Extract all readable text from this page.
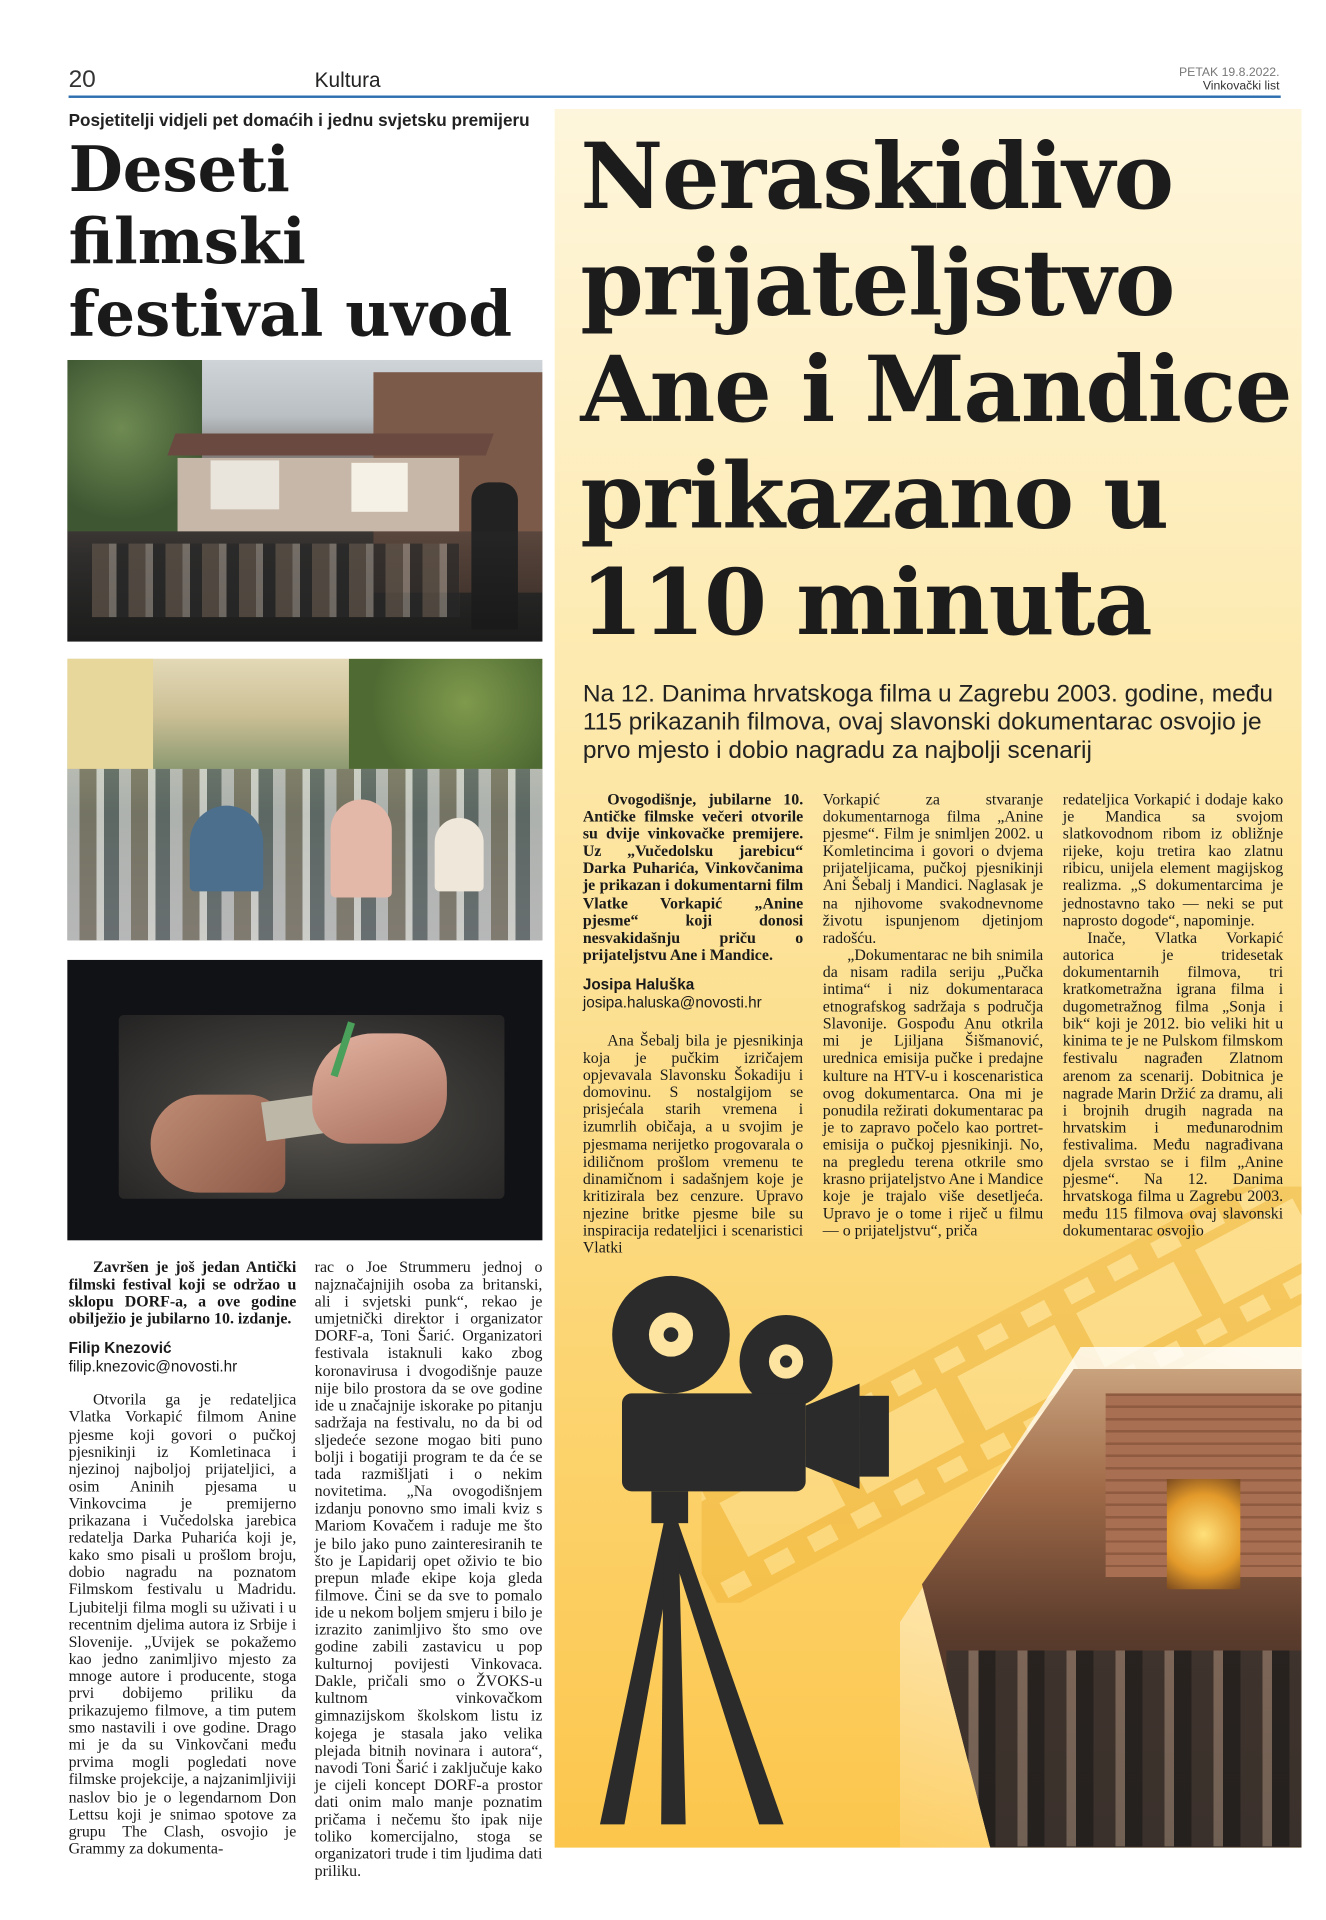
20	Kultura	PETAK 19.8.2022.
Vinkovački list
Posjetitelji vidjeli pet domaćih i jednu svjetsku premijeru
Deseti filmski
festival uvod

Završen je još jedan Antički filmski festival koji se održao u sklopu DORF-a, a ove godine obilježio je jubilarno 10. izdanje.

Filip Knezović
filip.knezovic@novosti.hr

Otvorila ga je redateljica Vlatka Vorkapić filmom Anine pjesme koji govori o pučkoj pjesnikinji iz Komletinaca i njezinoj najboljoj prijateljici, a osim Aninih pjesama u Vinkovcima je premijerno prikazana i Vučedolska jarebica redatelja Darka Puharića koji je, kako smo pisali u prošlom broju, dobio nagradu na poznatom Filmskom festivalu u Madridu. Ljubitelji filma mogli su uživati i u recentnim djelima autora iz Srbije i Slovenije. „Uvijek se pokažemo kao jedno zanimljivo mjesto za mnoge autore i producente, stoga prvi dobijemo priliku da prikazujemo filmove, a tim putem smo nastavili i ove godine. Drago mi je da su Vinkovčani među prvima mogli pogledati nove filmske projekcije, a najzanimljiviji naslov bio je o legendarnom Don Lettsu koji je snimao spotove za grupu The Clash, osvojio je Grammy za dokumenta-

rac o Joe Strummeru jednoj o najznačajnijih osoba za britanski, ali i svjetski punk“, rekao je umjetnički direktor i organizator DORF-a, Toni Šarić. Organizatori festivala istaknuli kako zbog koronavirusa i dvogodišnje pauze nije bilo prostora da se ove godine ide u značajnije iskorake po pitanju sadržaja na festivalu, no da bi od sljedeće sezone mogao biti puno bolji i bogatiji program te da će se tada razmišljati i o nekim novitetima. „Na ovogodišnjem izdanju ponovno smo imali kviz s Mariom Kovačem i raduje me što je bilo jako puno zainteresiranih te što je Lapidarij opet oživio te bio prepun mlađe ekipe koja gleda filmove. Čini se da sve to pomalo ide u nekom boljem smjeru i bilo je izrazito zanimljivo što smo ove godine zabili zastavicu u pop kulturnoj povijesti Vinkovaca. Dakle, pričali smo o ŽVOKS-u kultnom vinkovačkom gimnazijskom školskom listu iz kojega je stasala jako velika plejada bitnih novinara i autora“, navodi Toni Šarić i zaključuje kako je cijeli koncept DORF-a prostor dati onim malo manje poznatim pričama i nečemu što ipak nije toliko komercijalno, stoga se organizatori trude i tim ljudima dati priliku.

Neraskidivo
prijateljstvo
Ane i Mandice
prikazano u
110 minuta
Na 12. Danima hrvatskoga filma u Zagrebu 2003. godine, među 115 prikazanih filmova, ovaj slavonski dokumentarac osvojio je prvo mjesto i dobio nagradu za najbolji scenarij

Ovogodišnje, jubilarne 10. Antičke filmske večeri otvorile su dvije vinkovačke premijere. Uz „Vučedolsku jarebicu“ Darka Puharića, Vinkovčanima je prikazan i dokumentarni film Vlatke Vorkapić „Anine pjesme“ koji donosi nesvakidašnju priču o prijateljstvu Ane i Mandice.

Josipa Haluška
josipa.haluska@novosti.hr

Ana Šebalj bila je pjesnikinja koja je pučkim izričajem opjevavala Slavonsku Šokadiju i domovinu. S nostalgijom se prisjećala starih vremena i izumrlih običaja, a u svojim je pjesmama nerijetko progovarala o idiličnom prošlom vremenu te dinamičnom i sadašnjem koje je kritizirala bez cenzure. Upravo njezine britke pjesme bile su inspiracija redateljici i scenaristici Vlatki

Vorkapić za stvaranje dokumentarnoga filma „Anine pjesme“. Film je snimljen 2002. u Komletincima i govori o dvjema prijateljicama, pučkoj pjesnikinji Ani Šebalj i Mandici. Naglasak je na njihovome svakodnevnome životu ispunjenom djetinjom radošću.

„Dokumentarac ne bih snimila da nisam radila seriju „Pučka intima“ i niz dokumentaraca etnografskog sadržaja s područja Slavonije. Gospođu Anu otkrila mi je Ljiljana Šišmanović, urednica emisija pučke i predajne kulture na HTV-u i koscenaristica ovog dokumentarca. Ona mi je ponudila režirati dokumentarac pa je to zapravo počelo kao portret-emisija o pučkoj pjesnikinji. No, na pregledu terena otkrile smo krasno prijateljstvo Ane i Mandice koje je trajalo više desetljeća. Upravo je o tome i riječ u filmu — o prijateljstvu“, priča

redateljica Vorkapić i dodaje kako je Mandica sa svojom slatkovodnom ribom iz obližnje rijeke, koju tretira kao zlatnu ribicu, unijela element magijskog realizma. „S dokumentarcima je jednostavno tako — neki se put naprosto dogode“, napominje.

Inače, Vlatka Vorkapić autorica je tridesetak dokumentarnih filmova, tri kratkometražna igrana filma i dugometražnog filma „Sonja i bik“ koji je 2012. bio veliki hit u kinima te je ne Pulskom filmskom festivalu nagrađen Zlatnom arenom za scenarij. Dobitnica je nagrade Marin Držić za dramu, ali i brojnih drugih nagrada na hrvatskim i međunarodnim festivalima. Među nagrađivana djela svrstao se i film „Anine pjesme“. Na 12. Danima hrvatskoga filma u Zagrebu 2003. među 115 filmova ovaj slavonski dokumentarac osvojio
